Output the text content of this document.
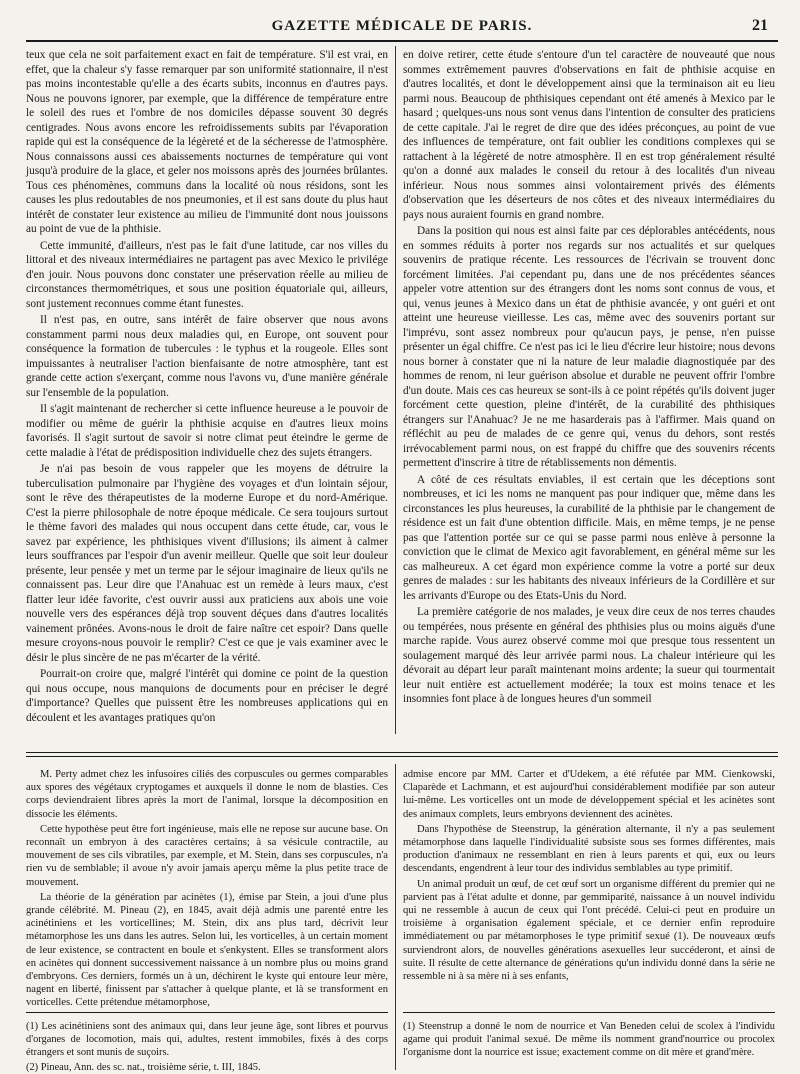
GAZETTE MÉDICALE DE PARIS.	21

teux que cela ne soit parfaitement exact en fait de température. S'il est vrai, en effet, que la chaleur s'y fasse remarquer par son uniformité stationnaire, il n'est pas moins incontestable qu'elle a des écarts subits, inconnus en d'autres pays. Nous ne pouvons ignorer, par exemple, que la différence de température entre le soleil des rues et l'ombre de nos domiciles dépasse souvent 30 degrés centigrades. Nous avons encore les refroidissements subits par l'évaporation rapide qui est la conséquence de la légèreté et de la sécheresse de l'atmosphère. Nous connaissons aussi ces abaissements nocturnes de température qui vont jusqu'à produire de la glace, et geler nos moissons après des journées brûlantes. Tous ces phénomènes, communs dans la localité où nous résidons, sont les causes les plus redoutables de nos pneumonies, et il est sans doute du plus haut intérêt de constater leur existence au milieu de l'immunité dont nous jouissons au point de vue de la phthisie.

Cette immunité, d'ailleurs, n'est pas le fait d'une latitude, car nos villes du littoral et des niveaux intermédiaires ne partagent pas avec Mexico le privilége d'en jouir. Nous pouvons donc constater une préservation réelle au milieu de circonstances thermométriques, et sous une position équatoriale qui, ailleurs, sont justement reconnues comme étant funestes.

Il n'est pas, en outre, sans intérêt de faire observer que nous avons constamment parmi nous deux maladies qui, en Europe, ont souvent pour conséquence la formation de tubercules : le typhus et la rougeole. Elles sont impuissantes à neutraliser l'action bienfaisante de notre atmosphère, tant est grande cette action s'exerçant, comme nous l'avons vu, d'une manière générale sur l'ensemble de la population.

Il s'agit maintenant de rechercher si cette influence heureuse a le pouvoir de modifier ou même de guérir la phthisie acquise en d'autres lieux moins favorisés. Il s'agit surtout de savoir si notre climat peut éteindre le germe de cette maladie à l'état de prédisposition individuelle chez des sujets étrangers.

Je n'ai pas besoin de vous rappeler que les moyens de détruire la tuberculisation pulmonaire par l'hygiène des voyages et d'un lointain séjour, sont le rêve des thérapeutistes de la moderne Europe et du nord-Amérique. C'est la pierre philosophale de notre époque médicale. Ce sera toujours surtout le thème favori des malades qui nous occupent dans cette étude, car, vous le savez par expérience, les phthisiques vivent d'illusions; ils aiment à calmer leurs souffrances par l'espoir d'un avenir meilleur. Quelle que soit leur douleur présente, leur pensée y met un terme par le séjour imaginaire de lieux qu'ils ne connaissent pas. Leur dire que l'Anahuac est un remède à leurs maux, c'est flatter leur idée favorite, c'est ouvrir aussi aux praticiens aux abois une voie nouvelle vers des espérances déjà trop souvent déçues dans d'autres localités vainement prônées. Avons-nous le droit de faire naître cet espoir? Dans quelle mesure croyons-nous pouvoir le remplir? C'est ce que je vais examiner avec le désir le plus sincère de ne pas m'écarter de la vérité.

Pourrait-on croire que, malgré l'intérêt qui domine ce point de la question qui nous occupe, nous manquions de documents pour en préciser le degré d'importance? Quelles que puissent être les nombreuses applications qui en découlent et les avantages pratiques qu'on

en doive retirer, cette étude s'entoure d'un tel caractère de nouveauté que nous sommes extrêmement pauvres d'observations en fait de phthisie acquise en d'autres localités, et dont le développement ainsi que la terminaison ait eu lieu parmi nous. Beaucoup de phthisiques cependant ont été amenés à Mexico par le hasard ; quelques-uns nous sont venus dans l'intention de consulter des praticiens de cette capitale. J'ai le regret de dire que des idées préconçues, au point de vue des influences de température, ont fait oublier les conditions complexes qui se rattachent à la légèreté de notre atmosphère. Il en est trop généralement résulté qu'on a donné aux malades le conseil du retour à des localités d'un niveau inférieur. Nous nous sommes ainsi volontairement privés des éléments d'observation que les déserteurs de nos côtes et des niveaux intermédiaires du pays nous auraient fournis en grand nombre.

Dans la position qui nous est ainsi faite par ces déplorables antécédents, nous en sommes réduits à porter nos regards sur nos actualités et sur quelques souvenirs de pratique récente. Les ressources de l'écrivain se trouvent donc forcément limitées. J'ai cependant pu, dans une de nos précédentes séances appeler votre attention sur des étrangers dont les noms sont connus de vous, et qui, venus jeunes à Mexico dans un état de phthisie avancée, y ont guéri et ont atteint une heureuse vieillesse. Les cas, même avec des souvenirs portant sur l'imprévu, sont assez nombreux pour qu'aucun pays, je pense, n'en puisse présenter un égal chiffre. Ce n'est pas ici le lieu d'écrire leur histoire; nous devons nous borner à constater que ni la nature de leur maladie diagnostiquée par des hommes de renom, ni leur guérison absolue et durable ne peuvent offrir l'ombre d'un doute. Mais ces cas heureux se sont-ils à ce point répétés qu'ils doivent juger forcément cette question, pleine d'intérêt, de la curabilité des phthisiques étrangers sur l'Anahuac? Je ne me hasarderais pas à l'affirmer. Mais quand on réfléchit au peu de malades de ce genre qui, venus du dehors, sont restés irrévocablement parmi nous, on est frappé du chiffre que des souvenirs récents permettent d'inscrire à titre de rétablissements non démentis.

A côté de ces résultats enviables, il est certain que les déceptions sont nombreuses, et ici les noms ne manquent pas pour indiquer que, même dans les circonstances les plus heureuses, la curabilité de la phthisie par le changement de résidence est un fait d'une obtention difficile. Mais, en même temps, je ne pense pas que l'attention portée sur ce qui se passe parmi nous enlève à personne la conviction que le climat de Mexico agit favorablement, en général même sur les cas malheureux. A cet égard mon expérience comme la votre a porté sur deux genres de malades : sur les habitants des niveaux inférieurs de la Cordillère et sur les arrivants d'Europe ou des Etats-Unis du Nord.

La première catégorie de nos malades, je veux dire ceux de nos terres chaudes ou tempérées, nous présente en général des phthisies plus ou moins aiguës d'une marche rapide. Vous aurez observé comme moi que presque tous ressentent un soulagement marqué dès leur arrivée parmi nous. La chaleur intérieure qui les dévorait au départ leur paraît maintenant moins ardente; la sueur qui tourmentait leur nuit entière est actuellement modérée; la toux est moins tenace et les insomnies font place à de longues heures d'un sommeil

M. Perty admet chez les infusoires ciliés des corpuscules ou germes comparables aux spores des végétaux cryptogames et auxquels il donne le nom de blasties. Ces corps deviendraient libres après la mort de l'animal, lorsque la décomposition en dissocie les éléments.

Cette hypothèse peut être fort ingénieuse, mais elle ne repose sur aucune base. On reconnaît un embryon à des caractères certains; à sa vésicule contractile, au mouvement de ses cils vibratiles, par exemple, et M. Stein, dans ses corpuscules, n'a rien vu de semblable; il avoue n'y avoir jamais aperçu même la plus petite trace de mouvement.

La théorie de la génération par acinètes (1), émise par Stein, a joui d'une plus grande célébrité. M. Pineau (2), en 1845, avait déjà admis une parenté entre les acinétiniens et les vorticellines; M. Stein, dix ans plus tard, décrivit leur métamorphose les uns dans les autres. Selon lui, les vorticelles, à un certain moment de leur existence, se contractent en boule et s'enkystent. Elles se transforment alors en acinètes qui donnent successivement naissance à un nombre plus ou moins grand d'embryons. Ces derniers, formés un à un, déchirent le kyste qui entoure leur mère, nagent en liberté, finissent par s'attacher à quelque plante, et là se transforment en vorticelles. Cette prétendue métamorphose,

admise encore par MM. Carter et d'Udekem, a été réfutée par MM. Cienkowski, Claparède et Lachmann, et est aujourd'hui considérablement modifiée par son auteur lui-même. Les vorticelles ont un mode de développement spécial et les acinètes sont des animaux complets, leurs embryons deviennent des acinètes.

Dans l'hypothèse de Steenstrup, la génération alternante, il n'y a pas seulement métamorphose dans laquelle l'individualité subsiste sous ses formes différentes, mais production d'animaux ne ressemblant en rien à leurs parents et qui, eux ou leurs descendants, engendrent à leur tour des individus semblables au type primitif.

Un animal produit un œuf, de cet œuf sort un organisme différent du premier qui ne parvient pas à l'état adulte et donne, par gemmiparité, naissance à un nouvel individu qui ne ressemble à aucun de ceux qui l'ont précédé. Celui-ci peut en produire un troisième à organisation également spéciale, et ce dernier enfin reproduire immédiatement ou par métamorphoses le type primitif sexué (1). De nouveaux œufs surviendront alors, de nouvelles générations asexuelles leur succéderont, et ainsi de suite. Il résulte de cette alternance de générations qu'un individu donné dans la série ne ressemble ni à sa mère ni à ses enfants,

(1) Les acinétiniens sont des animaux qui, dans leur jeune âge, sont libres et pourvus d'organes de locomotion, mais qui, adultes, restent immobiles, fixés à des corps étrangers et sont munis de suçoirs.

(2) Pineau, Ann. des sc. nat., troisième série, t. III, 1845.

(1) Steenstrup a donné le nom de nourrice et Van Beneden celui de scolex à l'individu agame qui produit l'animal sexué. De même ils nomment grand'nourrice ou procolex l'organisme dont la nourrice est issue; exactement comme on dit mère et grand'mère.
